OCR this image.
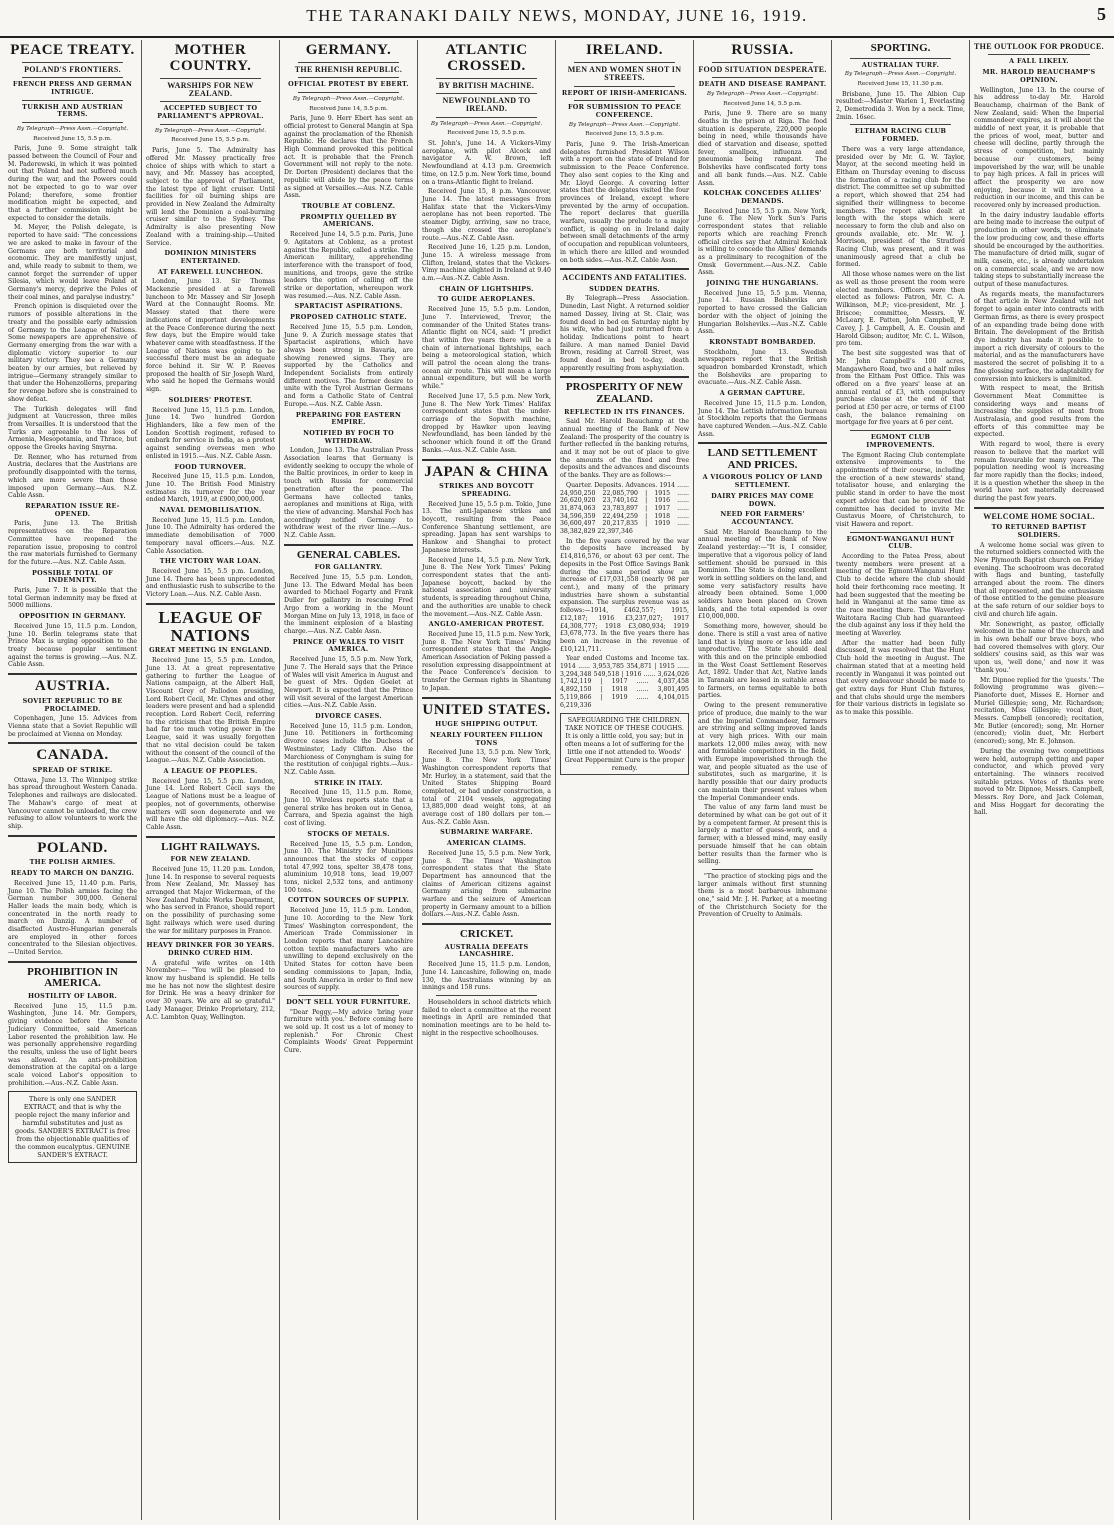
THE TARANAKI DAILY NEWS, MONDAY, JUNE 16, 1919.	5
PEACE TREATY.
POLAND'S FRONTIERS.
FRENCH PRESS AND GERMAN INTRIGUE.
TURKISH AND AUSTRIAN TERMS.
By Telegraph—Press Assn.—Copyright.
Received June 15, 5.5 p.m.

Paris, June 9. Some straight talk passed between the Council of Four and M. Paderewski, in which it was pointed out that Poland had not suffered much during the war, and the Powers could not be expected to go to war over Poland; therefore, some frontier modification might be expected, and that a further commission might be expected to consider the details.

M. Meyer, the Polish delegate, is reported to have said: "The concessions we are asked to make in favour of the Germans are both territorial and economic. They are manifestly unjust, and, while ready to submit to them, we cannot forget the surrender of upper Silesia, which would leave Poland at Germany's mercy, deprive the Poles of their coal mines, and paralyse industry."

French opinion is disquieted over the rumors of possible alterations in the treaty and the possible early admission of Germany to the League of Nations. Some newspapers are apprehensive of Germany emerging from the war with a diplomatic victory superior to our military victory. They see a Germany beaten by our armies, but relieved by intrigue—Germany strangely similar to that under the Hohenzollerns, preparing for revenge before she is constrained to show defeat.

The Turkish delegates will find judgment at Vaucresson, three miles from Versailles. It is understood that the Turks are agreeable to the loss of Armenia, Mesopotamia, and Thrace, but oppose the Greeks having Smyrna.

Dr. Renner, who has returned from Austria, declares that the Austrians are profoundly disappointed with the terms, which are more severe than those imposed upon Germany.—Aus. N.Z. Cable Assn.

REPARATION ISSUE RE-OPENED.

Paris, June 13. The British representatives on the Reparation Committee have reopened the reparation issue, proposing to control the raw materials furnished to Germany for the future.—Aus. N.Z. Cable Assn.

POSSIBLE TOTAL OF INDEMNITY.

Paris, June 7. It is possible that the total German indemnity may be fixed at 5000 millions.

OPPOSITION IN GERMANY.

Received June 15, 11.5 p.m. London, June 10. Berlin telegrams state that Prince Max is urging opposition to the treaty because popular sentiment against the terms is growing.—Aus. N.Z. Cable Assn.

AUSTRIA.
SOVIET REPUBLIC TO BE PROCLAIMED.

Copenhagen, June 15. Advices from Vienna state that a Soviet Republic will be proclaimed at Vienna on Monday.

CANADA.
SPREAD OF STRIKE.

Ottawa, June 13. The Winnipeg strike has spread throughout Western Canada. Telephones and railways are dislocated. The Mahaw's cargo of meat at Vancouver cannot be unloaded, the crew refusing to allow volunteers to work the ship.

POLAND.
THE POLISH ARMIES.
READY TO MARCH ON DANZIG.

Received June 15, 11.40 p.m. Paris, June 10. The Polish armies facing the German number 300,000. General Haller leads the main body, which is concentrated in the north ready to march on Danzig. A number of disaffected Austro-Hungarian generals are employed in other forces concentrated to the Silesian objectives.—United Service.

PROHIBITION IN AMERICA.
HOSTILITY OF LABOR.

Received June 15, 11.5 p.m. Washington, June 14. Mr. Gompers, giving evidence before the Senate Judiciary Committee, said American Labor resented the prohibition law. He was personally apprehensive regarding the results, unless the use of light beers was allowed. An anti-prohibition demonstration at the capital on a large scale voiced Labor's opposition to prohibition.—Aus.-N.Z. Cable Assn.

There is only one SANDER EXTRACT, and that is why the people reject the many inferior and harmful substitutes and just as goods. SANDER'S EXTRACT is free from the objectionable qualities of the common eucalyptus. GENUINE SANDER'S EXTRACT.
MOTHER COUNTRY.
WARSHIPS FOR NEW ZEALAND.
ACCEPTED SUBJECT TO PARLIAMENT'S APPROVAL.
By Telegraph—Press Assn.—Copyright.
Received June 15, 5.5 p.m.

Paris, June 5. The Admiralty has offered Mr. Massey practically free choice of ships with which to start a navy, and Mr. Massey has accepted, subject to the approval of Parliament, the latest type of light cruiser. Until facilities for oil burning ships are provided in New Zealand the Admiralty will lend the Dominion a coal-burning cruiser similar to the Sydney. The Admiralty is also presenting New Zealand with a training-ship.—United Service.

DOMINION MINISTERS ENTERTAINED.
AT FAREWELL LUNCHEON.

London, June 13. Sir Thomas Mackenzie presided at a farewell luncheon to Mr. Massey and Sir Joseph Ward at the Connaught Rooms. Mr. Massey stated that there were indications of important developments at the Peace Conference during the next few days, but the Empire would take whatever came with steadfastness. If the League of Nations was going to be successful there must be an adequate force behind it. Sir W. P. Reeves proposed the health of Sir Joseph Ward, who said he hoped the Germans would sign.

SOLDIERS' PROTEST.

Received June 15, 11.5 p.m. London, June 14. Two hundred Gordon Highlanders, like a few men of the London Scottish regiment, refused to embark for service in India, as a protest against sending overseas men who enlisted in 1915.—Aus. N.Z. Cable Assn.

FOOD TURNOVER.

Received June 15, 11.5 p.m. London, June 10. The British Food Ministry estimates its turnover for the year ended March, 1919, at £900,000,000.

NAVAL DEMOBILISATION.

Received June 15, 11.5 p.m. London, June 10. The Admiralty has ordered the immediate demobilisation of 7000 temporary naval officers.—Aus. N.Z. Cable Association.

THE VICTORY WAR LOAN.

Received June 15, 5.5 p.m. London, June 14. There has been unprecedented and enthusiastic rush to subscribe to the Victory Loan.—Aus. N.Z. Cable Assn.

LEAGUE OF NATIONS
GREAT MEETING IN ENGLAND.

Received June 15, 5.5 p.m. London, June 13. At a great representative gathering to further the League of Nations campaign, at the Albert Hall, Viscount Grey of Fallodon presiding, Lord Robert Cecil, Mr. Clynes and other leaders were present and had a splendid reception. Lord Robert Cecil, referring to the criticism that the British Empire had far too much voting power in the League, said it was usually forgotten that no vital decision could be taken without the consent of the council of the League.—Aus. N.Z. Cable Association.

A LEAGUE OF PEOPLES.

Received June 15, 5.5 p.m. London, June 14. Lord Robert Cecil says the League of Nations must be a league of peoples, not of governments, otherwise matters will soon degenerate and we will have the old diplomacy.—Aus. N.Z. Cable Assn.

LIGHT RAILWAYS.
FOR NEW ZEALAND.

Received June 15, 11.20 p.m. London, June 14. In response to several requests from New Zealand, Mr. Massey has arranged that Major Wickerman, of the New Zealand Public Works Department, who has served in France, should report on the possibility of purchasing some light railways which were used during the war for military purposes in France.

HEAVY DRINKER FOR 30 YEARS. DRINKO CURED HIM.

A grateful wife writes on 14th November:— "You will be pleased to know my husband is splendid. He tells me he has not now the slightest desire for Drink. He was a heavy drinker for over 30 years. We are all so grateful." Lady Manager, Drinko Proprietary, 212, A.C. Lambton Quay, Wellington.

GERMANY.
THE RHENISH REPUBLIC.
OFFICIAL PROTEST BY EBERT.
By Telegraph—Press Assn.—Copyright.
Received June 14, 5.5 p.m.

Paris, June 9. Herr Ebert has sent an official protest to General Mangin at Spa against the proclamation of the Rhenish Republic. He declares that the French High Command provoked this political act. It is probable that the French Government will not reply to the note. Dr. Dorten (President) declares that the republic will abide by the peace terms as signed at Versailles.—Aus. N.Z. Cable Assn.

TROUBLE AT COBLENZ.
PROMPTLY QUELLED BY AMERICANS.

Received June 14, 5.5 p.m. Paris, June 9. Agitators at Coblenz, as a protest against the Republic, called a strike. The American military, apprehending interference with the transport of food, munitions, and troops, gave the strike leaders the option of calling off the strike or deportation, whereupon work was resumed.—Aus. N.Z. Cable Assn.

SPARTACIST ASPIRATIONS.
PROPOSED CATHOLIC STATE.

Received June 15, 5.5 p.m. London, June 9. A Zurich message states that Spartacist aspirations, which have always been strong in Bavaria, are showing renewed signs. They are supported by the Catholics and Independent Socialists from entirely different motives. The former desire to unite with the Tyrol Austrian Germans and form a Catholic State of Central Europe.—Aus. N.Z. Cable Assn.

PREPARING FOR EASTERN EMPIRE.
NOTIFIED BY FOCH TO WITHDRAW.

London, June 13. The Australian Press Association learns that Germany is evidently seeking to occupy the whole of the Baltic provinces, in order to keep in touch with Russia for commercial penetration after the peace. The Germans have collected tanks, aeroplanes and munitions at Riga, with the view of advancing. Marshal Foch has accordingly notified Germany to withdraw west of the river line.—Aus.-N.Z. Cable Assn.

GENERAL CABLES.
FOR GALLANTRY.

Received June 15, 5.5 p.m. London, June 13. The Edward Medal has been awarded to Michael Fogarty and Frank Duller for gallantry in rescuing Fred Argo from a working in the Mount Morgan Mine on July 13, 1918, in face of the imminent explosion of a blasting charge.—Aus. N.Z. Cable Assn.

PRINCE OF WALES TO VISIT AMERICA.

Received June 15, 5.5 p.m. New York, June 7. The Herald says that the Prince of Wales will visit America in August and be guest of Mrs. Ogden Goelet at Newport. It is expected that the Prince will visit several of the largest American cities.—Aus.-N.Z. Cable Assn.

DIVORCE CASES.

Received June 15, 11.5 p.m. London, June 10. Petitioners in forthcoming divorce cases include the Duchess of Westminster, Lady Clifton. Also the Marchioness of Conyngham is suing for the restitution of conjugal rights.—Aus.-N.Z. Cable Assn.

STRIKE IN ITALY.

Received June 15, 11.5 p.m. Rome, June 10. Wireless reports state that a general strike has broken out in Genoa, Carrara, and Spezia against the high cost of living.

STOCKS OF METALS.

Received June 15, 5.5 p.m. London, June 10. The Ministry for Munitions announces that the stocks of copper total 47,992 tons, spelter 38,478 tons, aluminium 10,918 tons, lead 19,007 tons, nickel 2,532 tons, and antimony 100 tons.

COTTON SOURCES OF SUPPLY.

Received June 15, 11.5 p.m. London, June 10. According to the New York Times' Washington correspondent, the American Trade Commissioner in London reports that many Lancashire cotton textile manufacturers who are unwilling to depend exclusively on the United States for cotton have been sending commissions to Japan, India, and South America in order to find new sources of supply.

DON'T SELL YOUR FURNITURE.

"Dear Peggy,—My advice 'bring your furniture with you.' Before coming here we sold up. It cost us a lot of money to replenish." For Chronic Chest Complaints Woods' Great Peppermint Cure.

ATLANTIC CROSSED.
BY BRITISH MACHINE.
NEWFOUNDLAND TO IRELAND.
By Telegraph—Press Assn.—Copyright.
Received June 15, 5.5 p.m.

St. John's, June 14. A Vickers-Vimy aeroplane, with pilot Alcock and navigator A. W. Brown, left Newfoundland at 4.13 p.m. Greenwich time, on 12.5 p.m. New York time, bound on a trans-Atlantic flight to Ireland.

Received June 15, 8 p.m. Vancouver, June 14. The latest messages from Halifax state that the Vickers-Vimy aeroplane has not been reported. The steamer Digby, arriving, saw no trace, though she crossed the aeroplane's route.—Aus.-N.Z. Cable Assn.

Received June 16, 1.25 p.m. London, June 15. A wireless message from Clifton, Ireland, states that the Vickers-Vimy machine alighted in Ireland at 9.40 a.m.—Aus.-N.Z. Cable Assn.

CHAIN OF LIGHTSHIPS.
TO GUIDE AEROPLANES.

Received June 15, 5.5 p.m. London, June 7. Interviewed, Trevor, the commander of the United States trans-Atlantic flight on NC4, said: "I predict that within five years there will be a chain of international lightships, each being a meteorological station, which will patrol the ocean along the trans-ocean air route. This will mean a large annual expenditure, but will be worth while."

Received June 17, 5.5 p.m. New York, June 8. The New York Times' Halifax correspondent states that the under-carriage of the Sopwith machine, dropped by Hawker upon leaving Newfoundland, has been landed by the schooner which found it off the Grand Banks.—Aus.-N.Z. Cable Assn.

JAPAN & CHINA
STRIKES AND BOYCOTT SPREADING.

Received June 15, 5.5 p.m. Tokio, June 13. The anti-Japanese strikes and boycott, resulting from the Peace Conference Shantung settlement, are spreading. Japan has sent warships to Hankow and Shanghai to protect Japanese interests.

Received June 14, 5.5 p.m. New York, June 8. The New York Times' Peking correspondent states that the anti-Japanese boycott, backed by the national association and university students, is spreading throughout China, and the authorities are unable to check the movement.—Aus.-N.Z. Cable Assn.

ANGLO-AMERICAN PROTEST.

Received June 15, 11.5 p.m. New York, June 8. The New York Times' Peking correspondent states that the Anglo-American Association of Peking passed a resolution expressing disappointment at the Peace Conference's decision to transfer the German rights in Shantung to Japan.

UNITED STATES.
HUGE SHIPPING OUTPUT.
NEARLY FOURTEEN FILLION TONS

Received June 13, 5.5 p.m. New York, June 8. The New York Times' Washington correspondent reports that Mr. Hurley, in a statement, said that the United States Shipping Board completed, or had under construction, a total of 2104 vessels, aggregating 13,885,000 dead weight tons, at an average cost of 180 dollars per ton.—Aus.-N.Z. Cable Assn.

SUBMARINE WARFARE.
AMERICAN CLAIMS.

Received June 15, 5.5 p.m. New York, June 8. The Times' Washington correspondent states that the State Department has announced that the claims of American citizens against Germany arising from submarine warfare and the seizure of American property in Germany amount to a billion dollars.—Aus.-N.Z. Cable Assn.

CRICKET.
AUSTRALIA DEFEATS LANCASHIRE.

Received June 15, 11.5 p.m. London, June 14. Lancashire, following on, made 130, the Australians winning by an innings and 158 runs.

Householders in school districts which failed to elect a committee at the recent meetings in April are reminded that nomination meetings are to be held to-night in the respective schoolhouses.

IRELAND.
MEN AND WOMEN SHOT IN STREETS.
REPORT OF IRISH-AMERICANS.
FOR SUBMISSION TO PEACE CONFERENCE.
By Telegraph—Press Assn.—Copyright.
Received June 15, 5.5 p.m.

Paris, June 9. The Irish-American delegates furnished President Wilson with a report on the state of Ireland for submission to the Peace Conference. They also sent copies to the King and Mr. Lloyd George. A covering letter states that the delegates visited the four provinces of Ireland, except where prevented by the army of occupation. The report declares that guerilla warfare, usually the prelude to a major conflict, is going on in Ireland daily between small detachments of the army of occupation and republican volunteers, in which there are killed and wounded on both sides.—Aus.-N.Z. Cable Assn.

ACCIDENTS AND FATALITIES.
SUDDEN DEATHS.

By Telegraph—Press Association. Dunedin, Last Night. A returned soldier named Dassey, living at St. Clair, was found dead in bed on Saturday night by his wife, who had just returned from a holiday. Indications point to heart failure. A man named Daniel David Brown, residing at Carroll Street, was found dead in bed to-day, death apparently resulting from asphyxiation.

PROSPERITY OF NEW ZEALAND.
REFLECTED IN ITS FINANCES.

Said Mr. Harold Beauchamp at the annual meeting of the Bank of New Zealand: The prosperity of the country is further reflected in the banking returns, and it may not be out of place to give the amounts of the fixed and free deposits and the advances and discounts of the banks. They are as follows:—

Quarter. Deposits. Advances. 1914 ...... 24,950,250 22,085,790 | 1915 ...... 26,620,920 23,740,162 | 1916 ...... 31,874,063 23,783,897 | 1917 ...... 34,596,359 22,494,259 | 1918 ...... 36,600,497 20,217,835 | 1919 ...... 38,382,829 22,397,346

In the five years covered by the war the deposits have increased by £14,816,576, or about 63 per cent. The deposits in the Post Office Savings Bank during the same period show an increase of £17,031,558 (nearly 98 per cent.), and many of the primary industries have shown a substantial expansion. The surplus revenue was as follows:—1914, £462,557; 1915, £12,187; 1916 £3,237,027; 1917 £4,308,777; 1918 £3,080,934; 1919 £3,678,773. In the five years there has been an increase in the revenue of £10,121,711.

Year ended Customs and Income tax. 1914 ...... 3,953,785 354,871 | 1915 ...... 3,294,348 549,518 | 1916 ...... 3,624,026 1,742,119 | 1917 ...... 4,037,458 4,892,150 | 1918 ...... 3,801,495 5,119,866 | 1919 ...... 4,104,015 6,219,336

SAFEGUARDING THE CHILDREN. TAKE NOTICE OF THESE COUGHS. It is only a little cold, you say; but in often means a lot of suffering for the little one if not attended to. Woods' Great Peppermint Cure is the proper remedy.
RUSSIA.
FOOD SITUATION DESPERATE.
DEATH AND DISEASE RAMPANT.
By Telegraph—Press Assn.—Copyright.
Received June 14, 5.5 p.m.

Paris, June 9. There are so many deaths in the prison at Riga. The food situation is desperate, 220,000 people being in need, while thousands have died of starvation and disease, spotted fever, smallpox, influenza and pneumonia being rampant. The Bolsheviks have confiscated forty tons and all bank funds.—Aus. N.Z. Cable Assn.

KOLCHAK CONCEDES ALLIES' DEMANDS.

Received June 15, 5.5 p.m. New York, June 6. The New York Sun's Paris correspondent states that reliable reports which are reaching French official circles say that Admiral Kolchak is willing to concede the Allies' demands as a preliminary to recognition of the Omsk Government.—Aus.-N.Z. Cable Assn.

JOINING THE HUNGARIANS.

Received June 15, 5.5 p.m. Vienna, June 14. Russian Bolsheviks are reported to have crossed the Galician border with the object of joining the Hungarian Bolsheviks.—Aus.-N.Z. Cable Assn.

KRONSTADT BOMBARDED.

Stockholm, June 13. Swedish newspapers report that the British squadron bombarded Kronstadt, which the Bolsheviks are preparing to evacuate.—Aus.-N.Z. Cable Assn.

A GERMAN CAPTURE.

Received June 15, 11.5 p.m. London, June 14. The Lettish information bureau at Stockholm reports that the Germans have captured Wenden.—Aus.-N.Z. Cable Assn.

LAND SETTLEMENT AND PRICES.
A VIGOROUS POLICY OF LAND SETTLEMENT.
DAIRY PRICES MAY COME DOWN.
NEED FOR FARMERS' ACCOUNTANCY.

Said Mr. Harold Beauchamp to the annual meeting of the Bank of New Zealand yesterday:—"It is, I consider, imperative that a vigorous policy of land settlement should be pursued in this Dominion. The State is doing excellent work in settling soldiers on the land, and some very satisfactory results have already been obtained. Some 1,000 soldiers have been placed on Crown lands, and the total expended is over £10,000,000.

Something more, however, should be done. There is still a vast area of native land that is lying more or less idle and unproductive. The State should deal with this and on the principle embodied in the West Coast Settlement Reserves Act, 1892. Under that Act, Native lands in Taranaki are leased in suitable areas to farmers, on terms equitable to both parties.

Owing to the present remunerative price of produce, due mainly to the war and the Imperial Commandeer, farmers are striving and selling improved lands at very high prices. With our main markets 12,000 miles away, with new and formidable competitors in the field, with Europe impoverished through the war, and people situated as the use of substitutes, such as margarine, it is hardly possible that our dairy products can maintain their present values when the Imperial Commandeer ends.

The value of any farm land must be determined by what can be got out of it by a competent farmer. At present this is largely a matter of guess-work, and a farmer, with a blessed mind, may easily persuade himself that he can obtain better results than the farmer who is selling.

"The practice of stocking pigs and the larger animals without first stunning them is a most barbarous inhumane one," said Mr. J. H. Parker, at a meeting of the Christchurch Society for the Prevention of Cruelty to Animals.

SPORTING.
AUSTRALIAN TURF.
By Telegraph—Press Assn.—Copyright.
Received June 15, 11.30 p.m.

Brisbane, June 15. The Albion Cup resulted:—Master Warlen 1, Everlasting 2, Demetrodida 3. Won by a neck. Time, 2min. 16sec.

ELTHAM RACING CLUB FORMED.

There was a very large attendance, presided over by Mr. G. W. Taylor, Mayor, at the second meeting held in Eltham on Thursday evening to discuss the formation of a racing club for the district. The committee set up submitted a report, which showed that 254 had signified their willingness to become members. The report also dealt at length with the steps which were necessary to form the club and also on grounds available, etc. Mr. W. J. Morrison, president of the Stratford Racing Club, was present, and it was unanimously agreed that a club be formed.

All those whose names were on the list as well as those present the room were elected members. Officers were then elected as follows: Patron, Mr. C. A. Wilkinson, M.P.; vice-president, Mr. J. Briscoe; committee, Messrs. W. McLeary, E. Patten, John Campbell, P. Cavey, J. J. Campbell, A. E. Cousin and Harold Gibson; auditor, Mr. C. L. Wilson, pro tem.

The best site suggested was that of Mr. John Campbell's 100 acres, Mangawhero Road, two and a half miles from the Eltham Post Office. This was offered on a five years' lease at an annual rental of £3, with compulsory purchase clause at the end of that period at £50 per acre, or terms of £100 cash, the balance remaining on mortgage for five years at 6 per cent.

EGMONT CLUB IMPROVEMENTS.

The Egmont Racing Club contemplate extensive improvements to the appointments of their course, including the erection of a new stewards' stand, totalisator house, and enlarging the public stand in order to have the most expert advice that can be procured the committee has decided to invite Mr. Gustavus Moore, of Christchurch, to visit Hawera and report.

EGMONT-WANGANUI HUNT CLUB.

According to the Patea Press, about twenty members were present at a meeting of the Egmont-Wanganui Hunt Club to decide where the club should hold their forthcoming race meeting. It had been suggested that the meeting be held in Wanganui at the same time as the race meeting there. The Waverley-Waitotara Racing Club had guaranteed the club against any loss if they held the meeting at Waverley.

After the matter had been fully discussed, it was resolved that the Hunt Club hold the meeting in August. The chairman stated that at a meeting held recently in Wanganui it was pointed out that every endeavour should be made to get extra days for Hunt Club fixtures, and that clubs should urge the members for their various districts in legislate so as to make this possible.

THE OUTLOOK FOR PRODUCE.
A FALL LIKELY.
MR. HAROLD BEAUCHAMP'S OPINION.

Wellington, June 13. In the course of his address to-day Mr. Harold Beauchamp, chairman of the Bank of New Zealand, said: When the Imperial commandeer expires, as it will about the middle of next year, it is probable that the prices of wool, meat, butter and cheese will decline, partly through the stress of competition, but mainly because our customers, being impoverished by the war, will be unable to pay high prices. A fall in prices will affect the prosperity we are now enjoying, because it will involve a reduction in our income, and this can be recovered only by increased production.

In the dairy industry laudable efforts are being made to increase the output of production in other words, to eliminate the low producing cow, and these efforts should be encouraged by the authorities. The manufacture of dried milk, sugar of milk, casein, etc., is already undertaken on a commercial scale, and we are now taking steps to substantially increase the output of these manufactures.

As regards meats, the manufacturers of that article in New Zealand will not forget to again enter into contracts with German firms, as there is every prospect of an expanding trade being done with Britain. The development of the British dye industry has made it possible to import a rich diversity of colours to the material, and as the manufacturers have mastered the secret of polishing it to a fine glossing surface, the adaptability for conversion into knickers is unlimited.

With respect to meat, the British Government Meat Committee is considering ways and means of increasing the supplies of meat from Australasia, and good results from the efforts of this committee may be expected.

With regard to wool, there is every reason to believe that the market will remain favourable for many years. The population needing wool is increasing far more rapidly than the flocks; indeed, it is a question whether the sheep in the world have not materially decreased during the past few years.

WELCOME HOME SOCIAL.
TO RETURNED BAPTIST SOLDIERS.

A welcome home social was given to the returned soldiers connected with the New Plymouth Baptist church on Friday evening. The schoolroom was decorated with flags and bunting, tastefully arranged about the room. The diners that all represented, and the enthusiasm of those entitled to the genuine pleasure at the safe return of our soldier boys to civil and church life again.

Mr. Sonewright, as pastor, officially welcomed in the name of the church and in his own behalf our brave boys, who had covered themselves with glory. Our soldiers' cousins said, as this war was upon us, 'well done,' and now it was 'thank you.'

Mr. Dipnoe replied for the 'guests.' The following programme was given:—Pianoforte duet, Misses E. Horner and Muriel Gillespie; song, Mr. Richardson; recitation, Miss Gillespie; vocal duet, Messrs. Campbell (encored); recitation, Mr. Butler (encored); song, Mr. Horner (encored); violin duet, Mr. Herbert (encored); song, Mr. E. Johnson.

During the evening two competitions were held, autograph getting and paper conductor, and which proved very entertaining. The winners received suitable prizes. Votes of thanks were moved to Mr. Dipnoe, Messrs. Campbell, Messrs. Roy Dore, and Jack Coleman, and Miss Hoggart for decorating the hall.
